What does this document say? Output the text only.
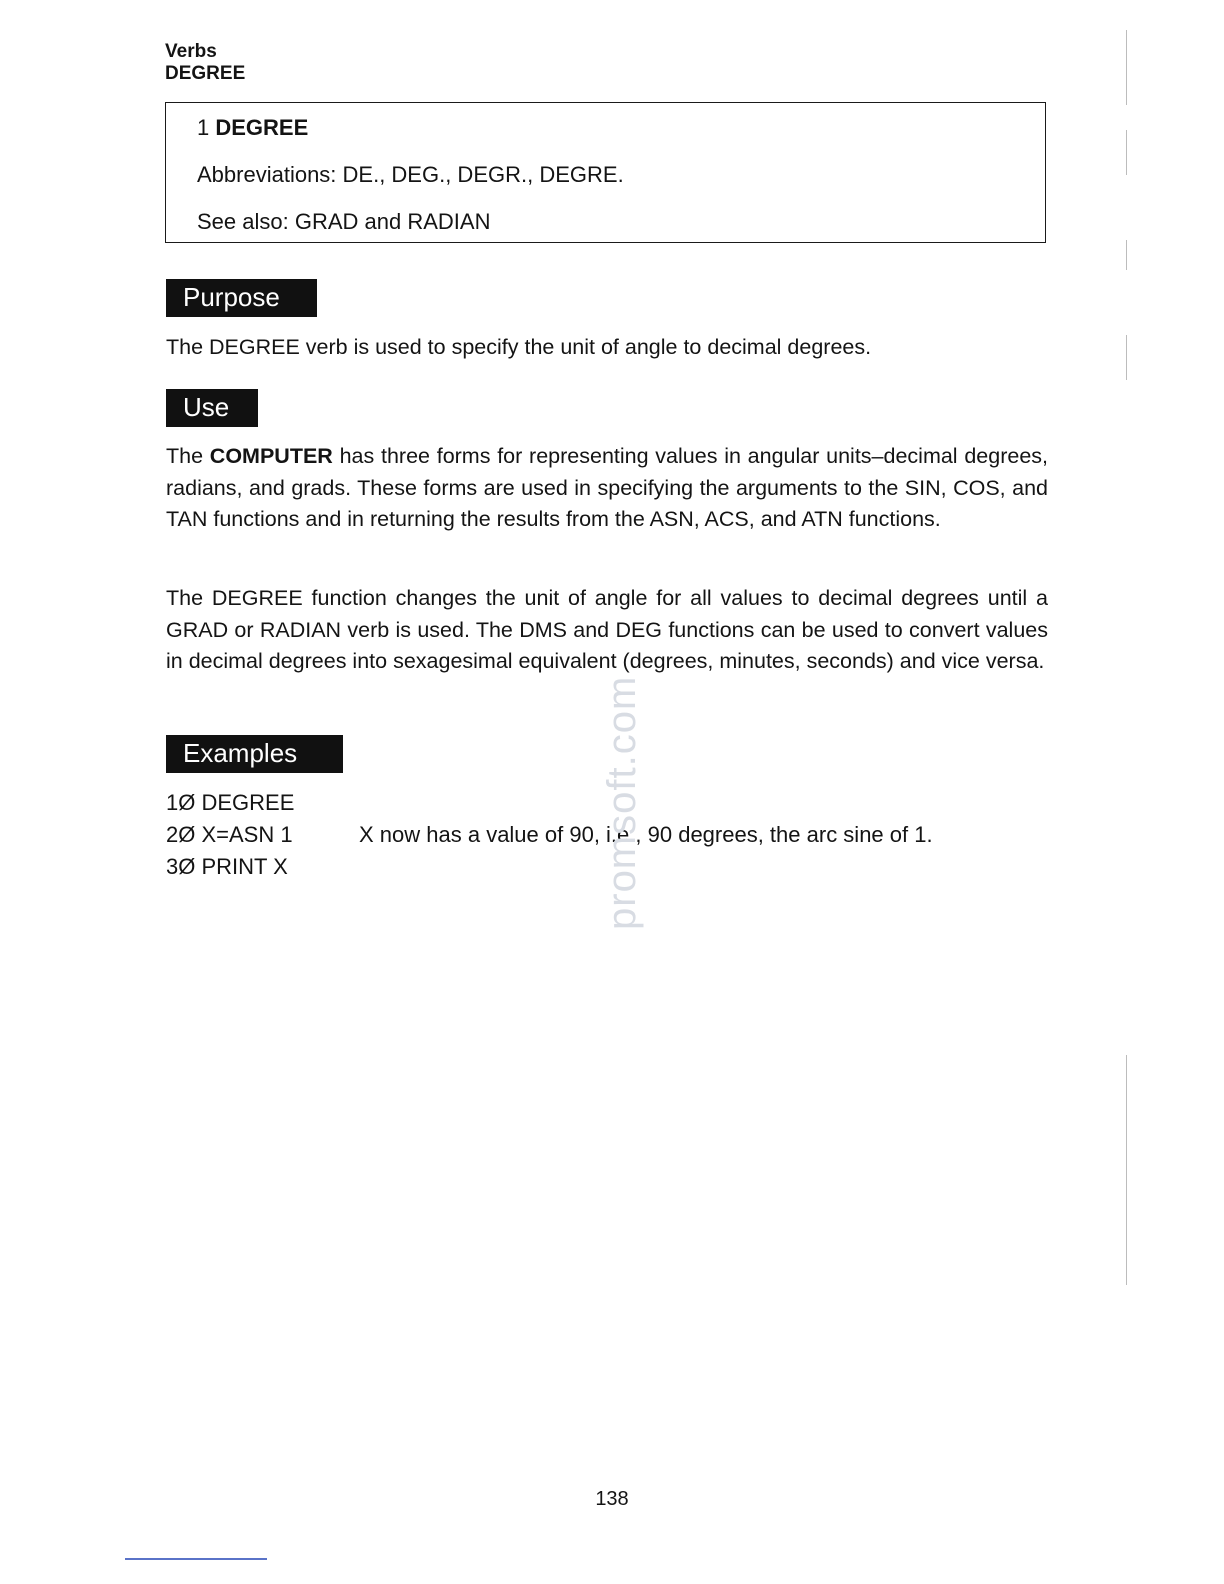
Verbs
DEGREE
1 DEGREE
Abbreviations: DE., DEG., DEGR., DEGRE.
See also: GRAD and RADIAN
Purpose
The DEGREE verb is used to specify the unit of angle to decimal degrees.
Use
The COMPUTER has three forms for representing values in angular units–decimal degrees, radians, and grads. These forms are used in specifying the arguments to the SIN, COS, and TAN functions and in returning the results from the ASN, ACS, and ATN functions.
The DEGREE function changes the unit of angle for all values to decimal degrees until a GRAD or RADIAN verb is used. The DMS and DEG functions can be used to convert values in decimal degrees into sexagesimal equivalent (degrees, minutes, seconds) and vice versa.
Examples
1Ø DEGREE
2Ø X=ASN 1	X now has a value of 90, i.e., 90 degrees, the arc sine of 1.
3Ø PRINT X	promsoft.com
138
